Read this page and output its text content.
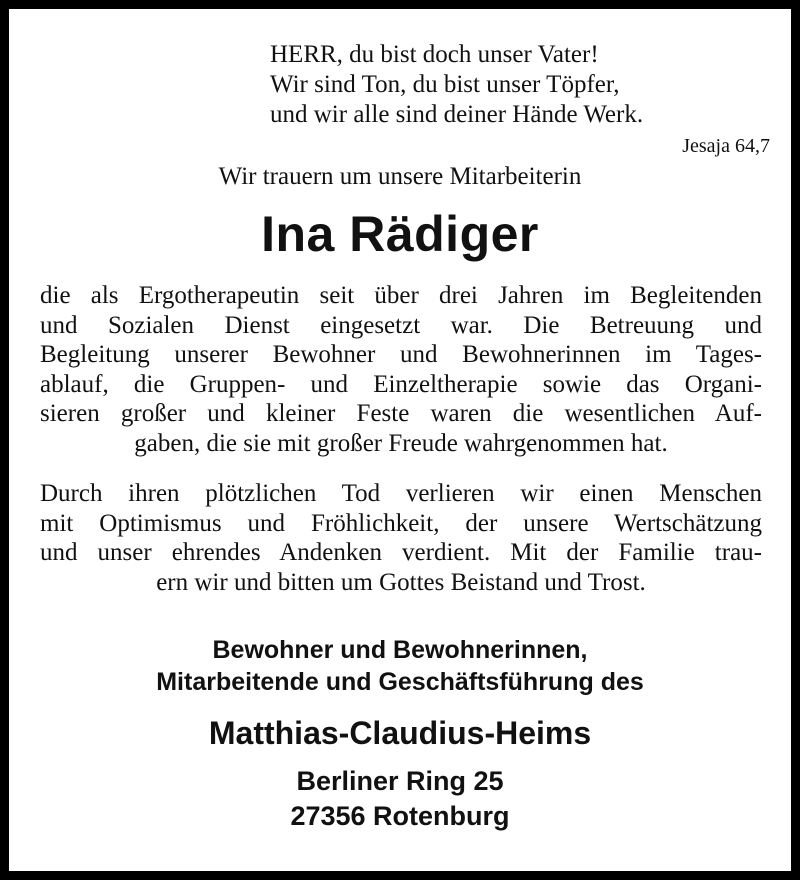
HERR, du bist doch unser Vater!
Wir sind Ton, du bist unser Töpfer,
und wir alle sind deiner Hände Werk.
Jesaja 64,7
Wir trauern um unsere Mitarbeiterin
Ina Rädiger
die als Ergotherapeutin seit über drei Jahren im Begleitenden
und Sozialen Dienst eingesetzt war. Die Betreuung und
Begleitung unserer Bewohner und Bewohnerinnen im Tages-
ablauf, die Gruppen- und Einzeltherapie sowie das Organi-
sieren großer und kleiner Feste waren die wesentlichen Auf-
gaben, die sie mit großer Freude wahrgenommen hat.
Durch ihren plötzlichen Tod verlieren wir einen Menschen
mit Optimismus und Fröhlichkeit, der unsere Wertschätzung
und unser ehrendes Andenken verdient. Mit der Familie trau-
ern wir und bitten um Gottes Beistand und Trost.
Bewohner und Bewohnerinnen,
Mitarbeitende und Geschäftsführung des
Matthias-Claudius-Heims
Berliner Ring 25
27356 Rotenburg
